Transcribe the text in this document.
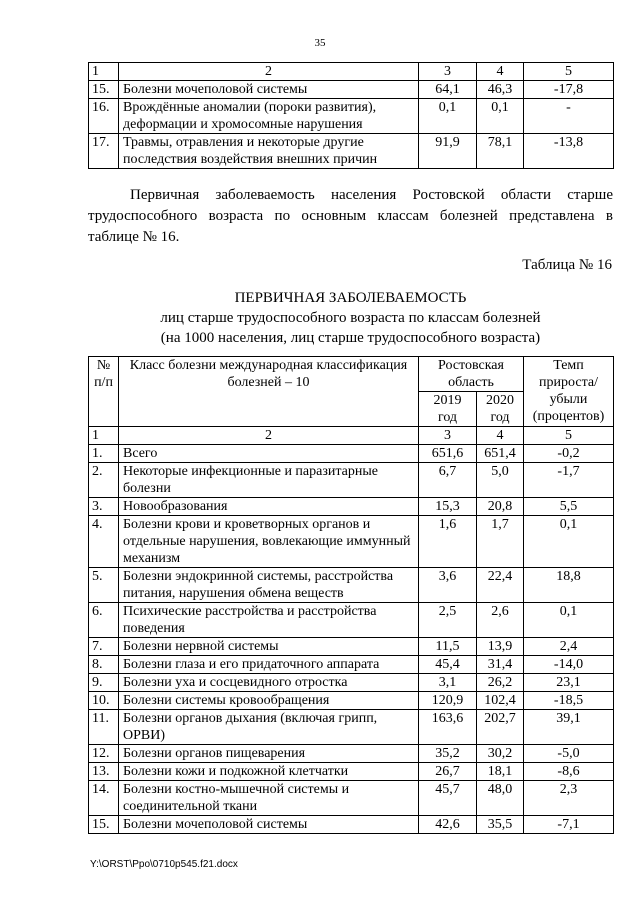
35
1	2	3	4	5
15.	Болезни мочеполовой системы	64,1	46,3	-17,8
16.	Врождённые аномалии (пороки развития), деформации и хромосомные нарушения	0,1	0,1	-
17.	Травмы, отравления и некоторые другие последствия воздействия внешних причин	91,9	78,1	-13,8
Первичная заболеваемость населения Ростовской области старше трудоспособного возраста по основным классам болезней представлена в таблице № 16.
Таблица № 16
ПЕРВИЧНАЯ ЗАБОЛЕВАЕМОСТЬ
лиц старше трудоспособного возраста по классам болезней
(на 1000 населения, лиц старше трудоспособного возраста)
№ п/п	Класс болезни международная классификация болезней – 10	Ростовская область		Темп прироста/ убыли (процентов)
		2019 год	2020 год	
1	2	3	4	5
1.	Всего	651,6	651,4	-0,2
2.	Некоторые инфекционные и паразитарные болезни	6,7	5,0	-1,7
3.	Новообразования	15,3	20,8	5,5
4.	Болезни крови и кроветворных органов и отдельные нарушения, вовлекающие иммунный механизм	1,6	1,7	0,1
5.	Болезни эндокринной системы, расстройства питания, нарушения обмена веществ	3,6	22,4	18,8
6.	Психические расстройства и расстройства поведения	2,5	2,6	0,1
7.	Болезни нервной системы	11,5	13,9	2,4
8.	Болезни глаза и его придаточного аппарата	45,4	31,4	-14,0
9.	Болезни уха и сосцевидного отростка	3,1	26,2	23,1
10.	Болезни системы кровообращения	120,9	102,4	-18,5
11.	Болезни органов дыхания (включая грипп, ОРВИ)	163,6	202,7	39,1
12.	Болезни органов пищеварения	35,2	30,2	-5,0
13.	Болезни кожи и подкожной клетчатки	26,7	18,1	-8,6
14.	Болезни костно-мышечной системы и соединительной ткани	45,7	48,0	2,3
15.	Болезни мочеполовой системы	42,6	35,5	-7,1
Y:\ORST\Ppo\0710p545.f21.docx
